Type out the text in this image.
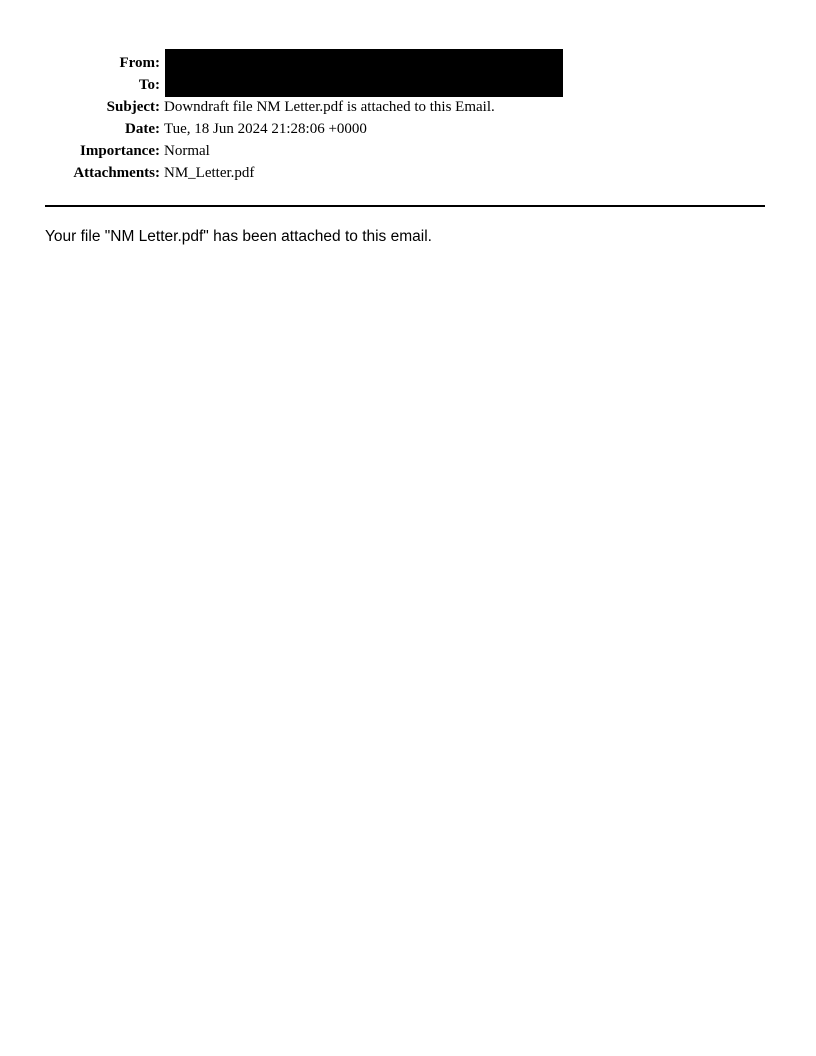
From:
To:
Subject: Downdraft file NM Letter.pdf is attached to this Email.
Date: Tue, 18 Jun 2024 21:28:06 +0000
Importance: Normal
Attachments: NM_Letter.pdf
Your file "NM Letter.pdf" has been attached to this email.
